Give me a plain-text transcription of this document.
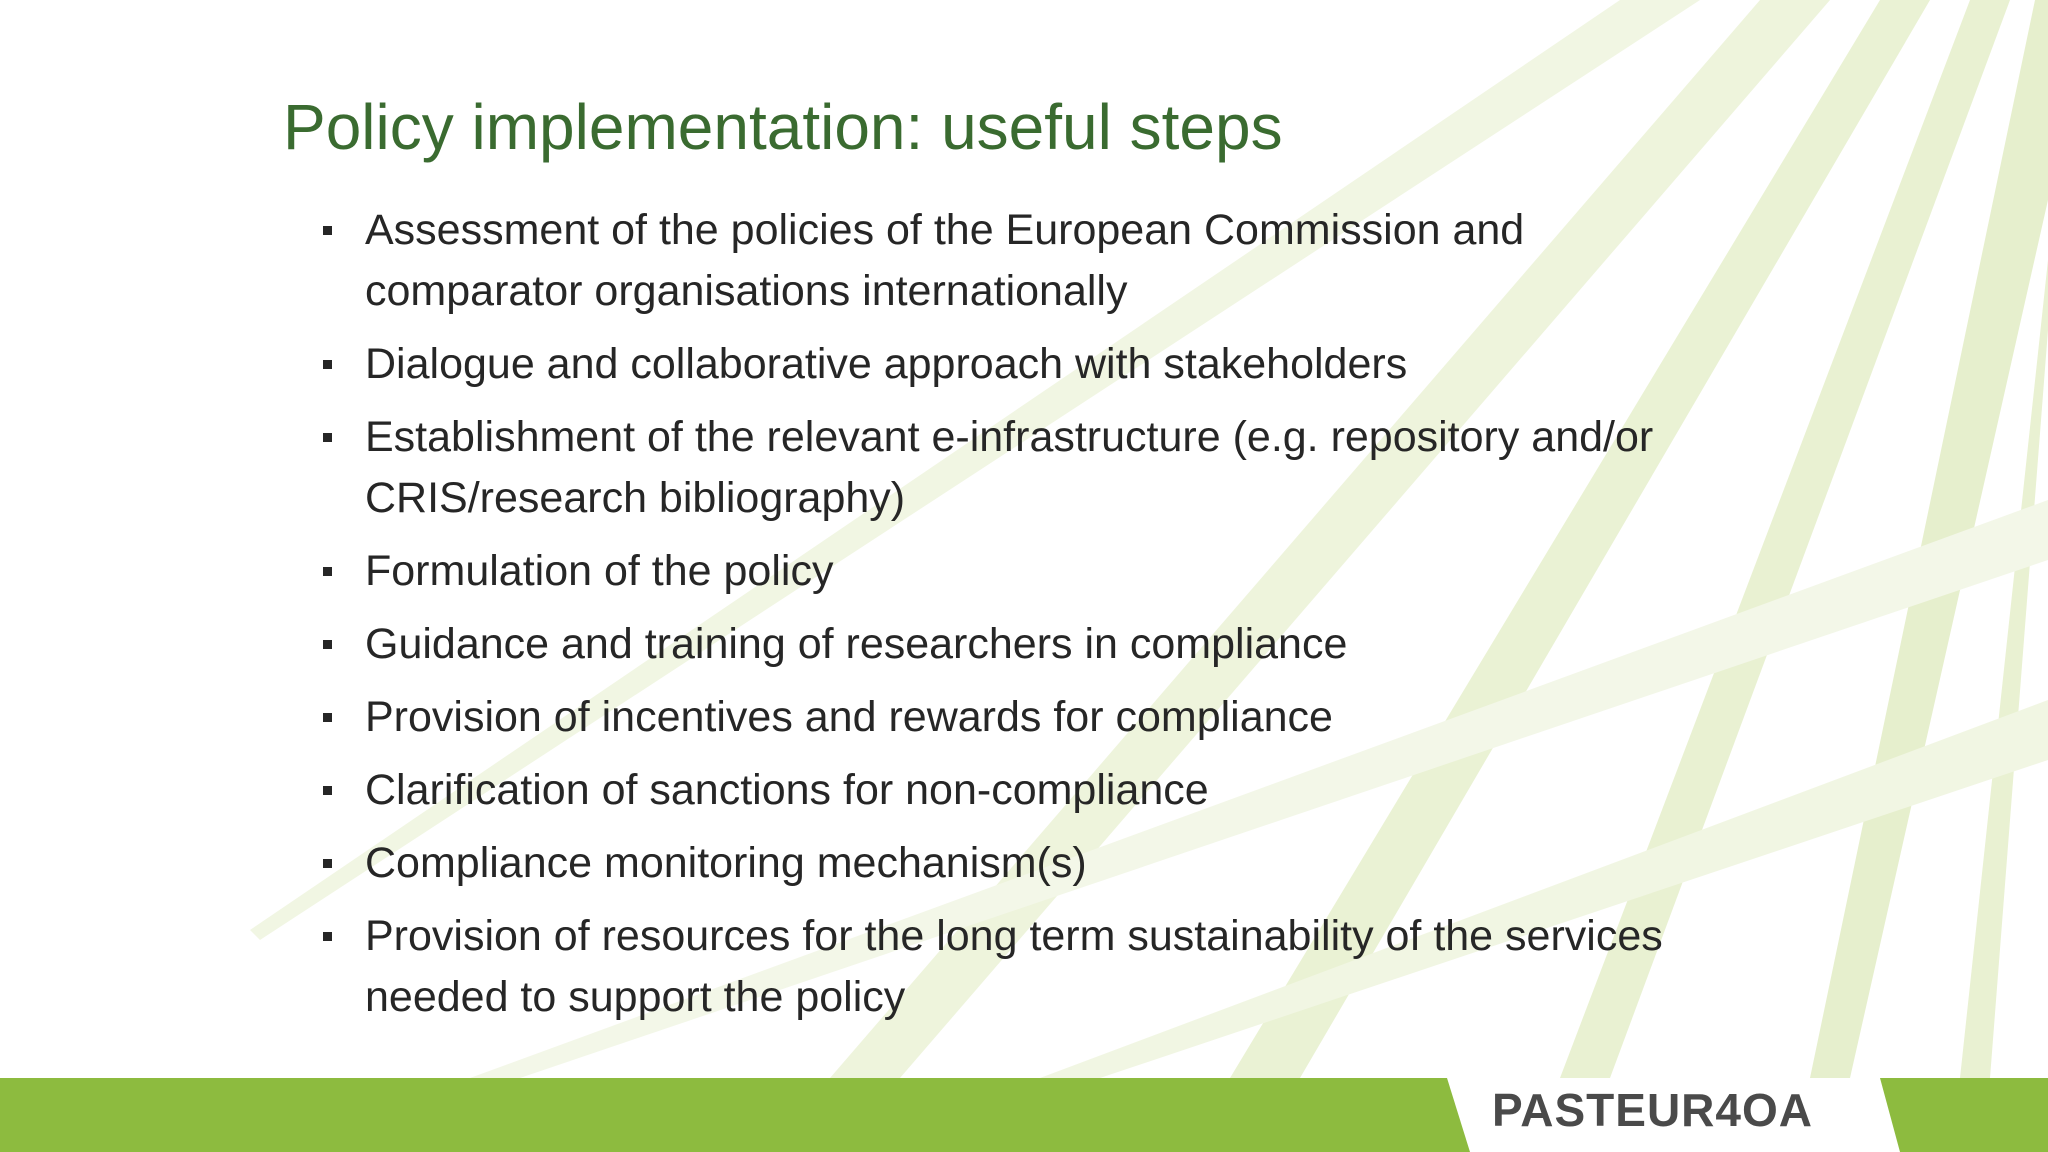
Policy implementation: useful steps
Assessment of the policies of the European Commission and comparator organisations internationally
Dialogue and collaborative approach with stakeholders
Establishment of the relevant e-infrastructure (e.g. repository and/or CRIS/research bibliography)
Formulation of the policy
Guidance and training of researchers in compliance
Provision of incentives and rewards for compliance
Clarification of sanctions for non-compliance
Compliance monitoring mechanism(s)
Provision of resources for the long term sustainability of the services needed to support the policy
PASTEUR4OA
